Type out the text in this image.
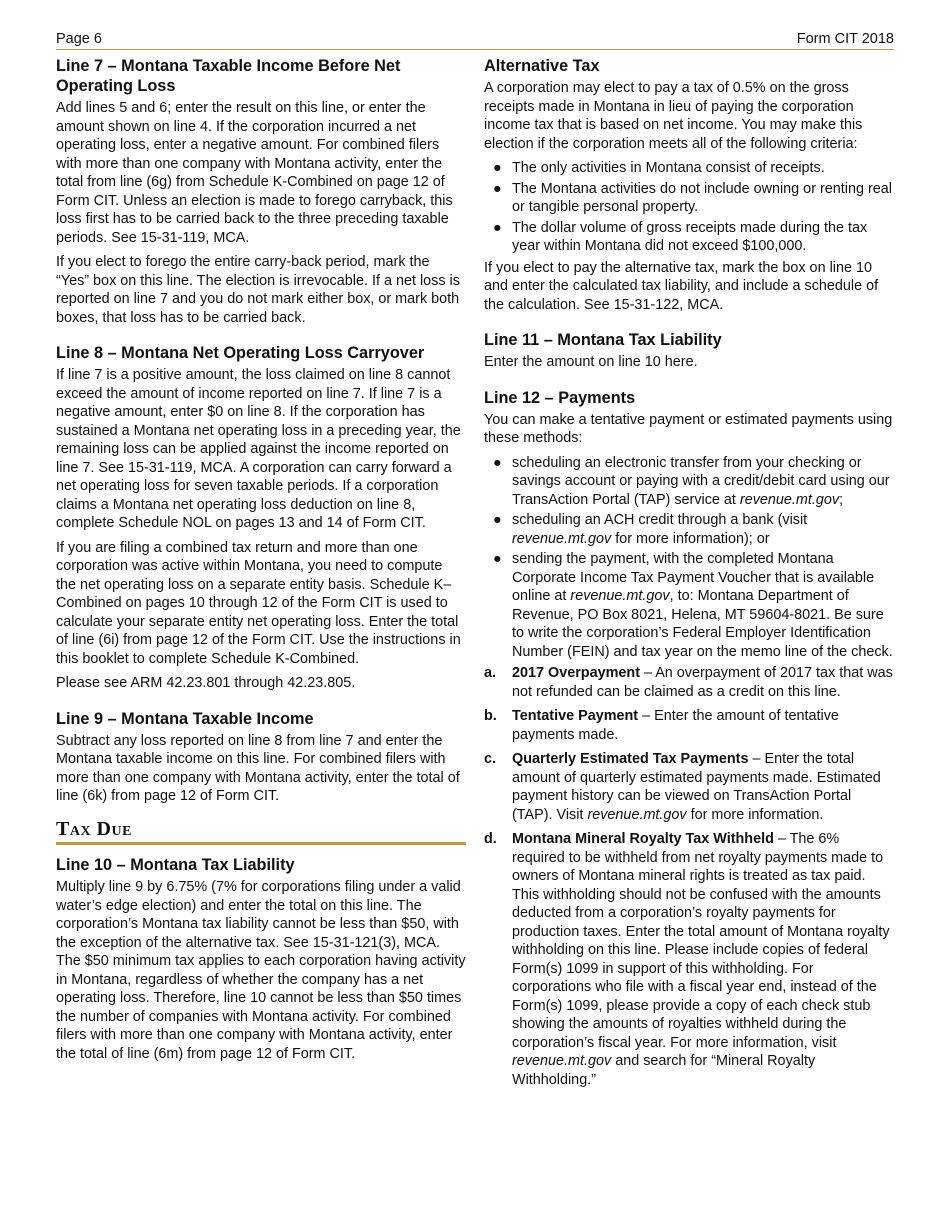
Page 6	Form CIT 2018
Line 7 – Montana Taxable Income Before Net Operating Loss

Add lines 5 and 6; enter the result on this line, or enter the amount shown on line 4. If the corporation incurred a net operating loss, enter a negative amount. For combined filers with more than one company with Montana activity, enter the total from line (6g) from Schedule K-Combined on page 12 of Form CIT. Unless an election is made to forego carryback, this loss first has to be carried back to the three preceding taxable periods. See 15-31-119, MCA.

If you elect to forego the entire carry-back period, mark the “Yes” box on this line. The election is irrevocable. If a net loss is reported on line 7 and you do not mark either box, or mark both boxes, that loss has to be carried back.

Line 8 – Montana Net Operating Loss Carryover

If line 7 is a positive amount, the loss claimed on line 8 cannot exceed the amount of income reported on line 7. If line 7 is a negative amount, enter $0 on line 8. If the corporation has sustained a Montana net operating loss in a preceding year, the remaining loss can be applied against the income reported on line 7. See 15-31-119, MCA. A corporation can carry forward a net operating loss for seven taxable periods. If a corporation claims a Montana net operating loss deduction on line 8, complete Schedule NOL on pages 13 and 14 of Form CIT.

If you are filing a combined tax return and more than one corporation was active within Montana, you need to compute the net operating loss on a separate entity basis. Schedule K–Combined on pages 10 through 12 of the Form CIT is used to calculate your separate entity net operating loss. Enter the total of line (6i) from page 12 of the Form CIT. Use the instructions in this booklet to complete Schedule K-Combined.

Please see ARM 42.23.801 through 42.23.805.

Line 9 – Montana Taxable Income

Subtract any loss reported on line 8 from line 7 and enter the Montana taxable income on this line. For combined filers with more than one company with Montana activity, enter the total of line (6k) from page 12 of Form CIT.

Tax Due
Line 10 – Montana Tax Liability

Multiply line 9 by 6.75% (7% for corporations filing under a valid water’s edge election) and enter the total on this line. The corporation’s Montana tax liability cannot be less than $50, with the exception of the alternative tax. See 15-31-121(3), MCA. The $50 minimum tax applies to each corporation having activity in Montana, regardless of whether the company has a net operating loss. Therefore, line 10 cannot be less than $50 times the number of companies with Montana activity. For combined filers with more than one company with Montana activity, enter the total of line (6m) from page 12 of Form CIT.

Alternative Tax

A corporation may elect to pay a tax of 0.5% on the gross receipts made in Montana in lieu of paying the corporation income tax that is based on net income. You may make this election if the corporation meets all of the following criteria:

● The only activities in Montana consist of receipts.
● The Montana activities do not include owning or renting real or tangible personal property.
● The dollar volume of gross receipts made during the tax year within Montana did not exceed $100,000.

If you elect to pay the alternative tax, mark the box on line 10 and enter the calculated tax liability, and include a schedule of the calculation. See 15-31-122, MCA.

Line 11 – Montana Tax Liability

Enter the amount on line 10 here.

Line 12 – Payments

You can make a tentative payment or estimated payments using these methods:

● scheduling an electronic transfer from your checking or savings account or paying with a credit/debit card using our TransAction Portal (TAP) service at revenue.mt.gov;
● scheduling an ACH credit through a bank (visit revenue.mt.gov for more information); or
● sending the payment, with the completed Montana Corporate Income Tax Payment Voucher that is available online at revenue.mt.gov, to: Montana Department of Revenue, PO Box 8021, Helena, MT 59604-8021. Be sure to write the corporation’s Federal Employer Identification Number (FEIN) and tax year on the memo line of the check.
a. 2017 Overpayment – An overpayment of 2017 tax that was not refunded can be claimed as a credit on this line.
b. Tentative Payment – Enter the amount of tentative payments made.
c. Quarterly Estimated Tax Payments – Enter the total amount of quarterly estimated payments made. Estimated payment history can be viewed on TransAction Portal (TAP). Visit revenue.mt.gov for more information.
d. Montana Mineral Royalty Tax Withheld – The 6% required to be withheld from net royalty payments made to owners of Montana mineral rights is treated as tax paid. This withholding should not be confused with the amounts deducted from a corporation’s royalty payments for production taxes. Enter the total amount of Montana royalty withholding on this line. Please include copies of federal Form(s) 1099 in support of this withholding. For corporations who file with a fiscal year end, instead of the Form(s) 1099, please provide a copy of each check stub showing the amounts of royalties withheld during the corporation’s fiscal year. For more information, visit revenue.mt.gov and search for “Mineral Royalty Withholding.”
